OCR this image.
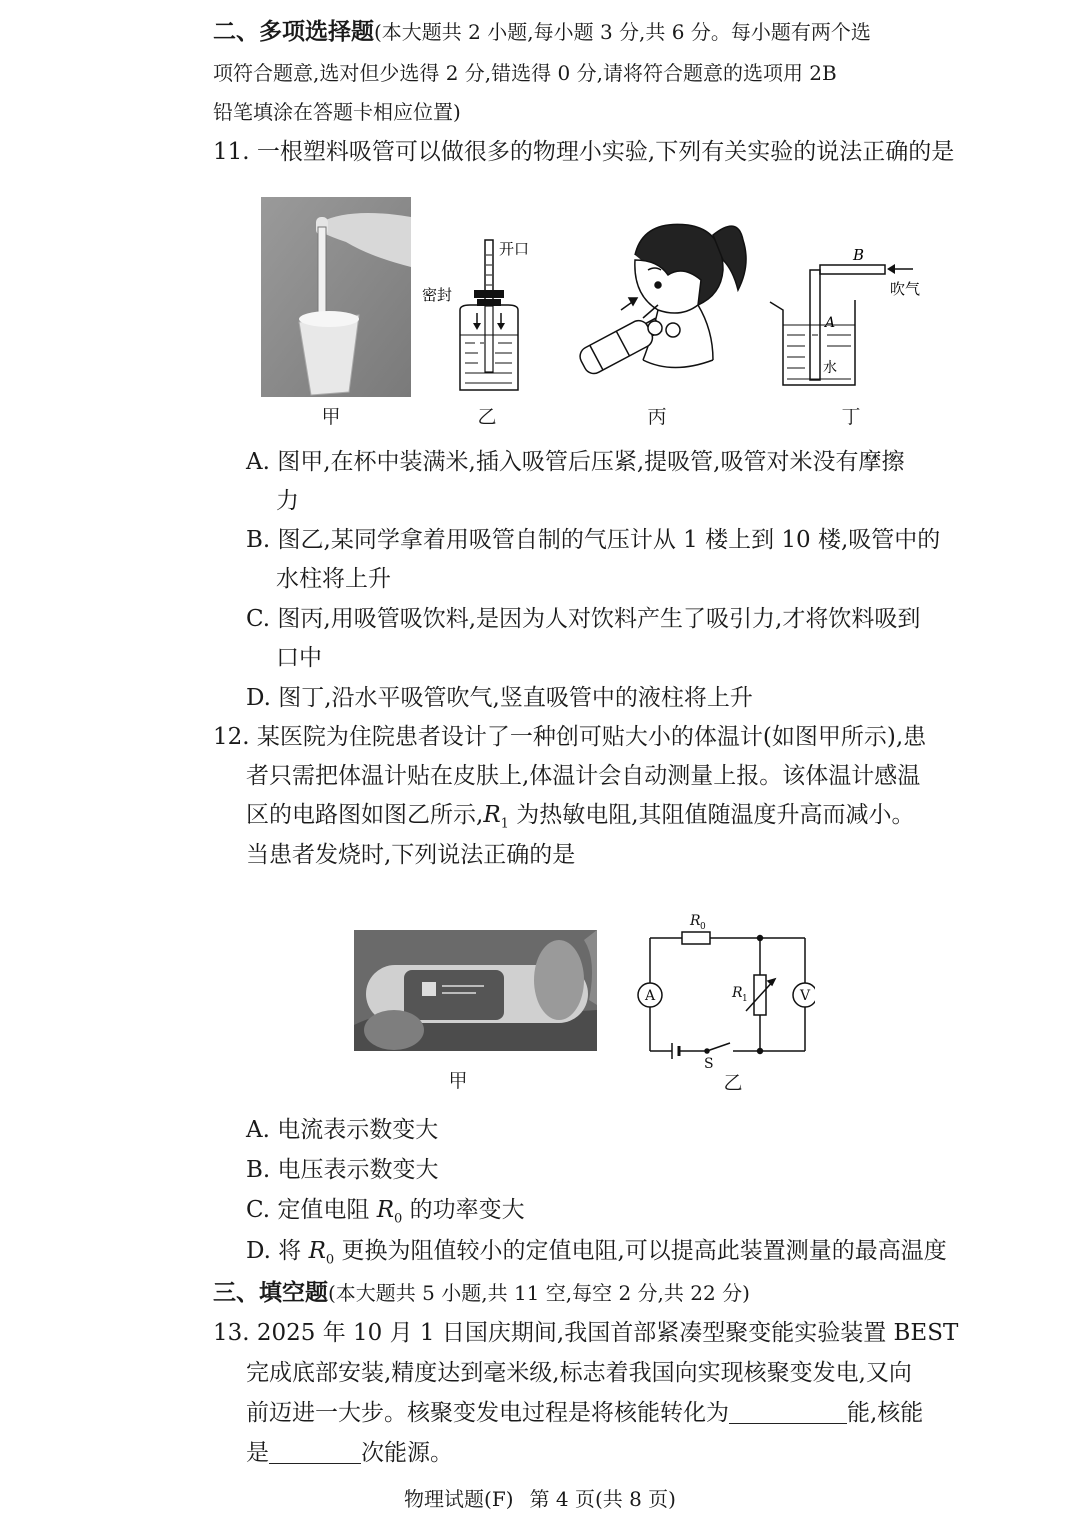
二、多项选择题(本大题共 2 小题,每小题 3 分,共 6 分。每小题有两个选
项符合题意,选对但少选得 2 分,错选得 0 分,请将符合题意的选项用 2B
铅笔填涂在答题卡相应位置)
11. 一根塑料吸管可以做很多的物理小实验,下列有关实验的说法正确的是
开口
密封
B
吹气
A
水
甲	乙	丙	丁
A. 图甲,在杯中装满米,插入吸管后压紧,提吸管,吸管对米没有摩擦
力
B. 图乙,某同学拿着用吸管自制的气压计从 1 楼上到 10 楼,吸管中的
水柱将上升
C. 图丙,用吸管吸饮料,是因为人对饮料产生了吸引力,才将饮料吸到
口中
D. 图丁,沿水平吸管吹气,竖直吸管中的液柱将上升
12. 某医院为住院患者设计了一种创可贴大小的体温计(如图甲所示),患
者只需把体温计贴在皮肤上,体温计会自动测量上报。该体温计感温
区的电路图如图乙所示$,R_1$ 为热敏电阻,其阻值随温度升高而减小。
当患者发烧时,下列说法正确的是
R 0
R 1
A	V
S
甲	乙
A. 电流表示数变大
B. 电压表示数变大
C. 定值电阻 $R_0$ 的功率变大
D. 将 $R_0$ 更换为阻值较小的定值电阻,可以提高此装置测量的最高温度
三、填空题(本大题共 5 小题,共 11 空,每空 2 分,共 22 分)
13. 2025 年 10 月 1 日国庆期间,我国首部紧凑型聚变能实验装置 BEST
完成底部安装,精度达到毫米级,标志着我国向实现核聚变发电,又向
前迈进一大步。核聚变发电过程是将核能转化为	能,核能
是	次能源。
物理试题(F) 第 4 页(共 8 页)
